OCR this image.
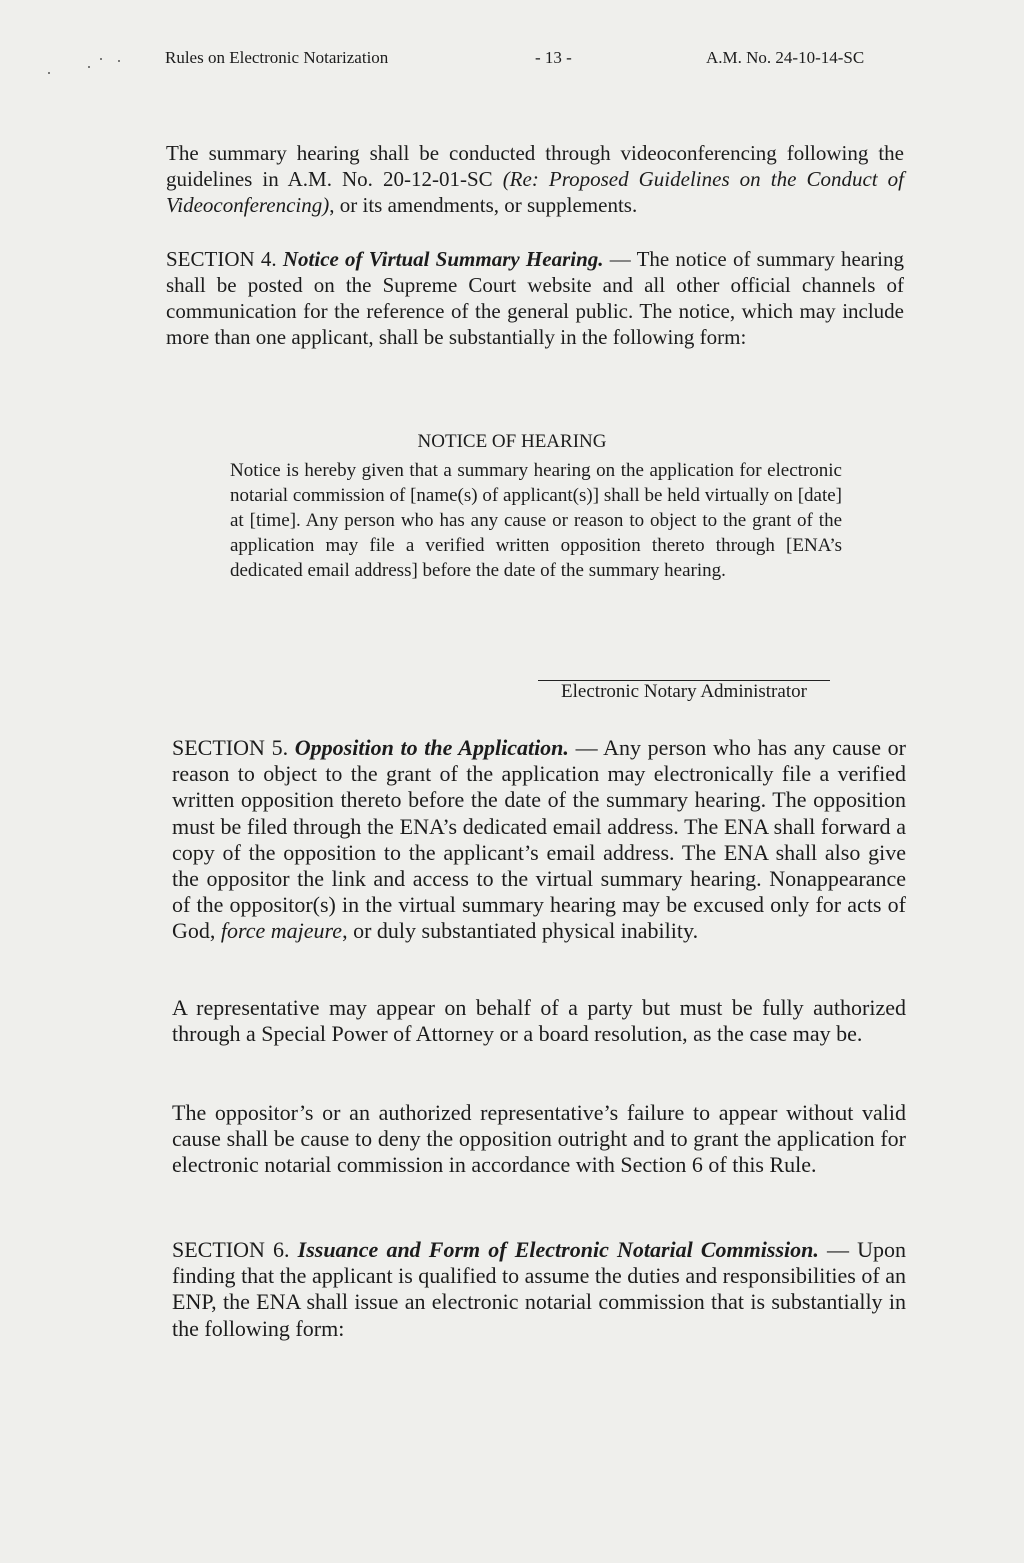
Rules on Electronic Notarization	- 13 -	A.M. No. 24-10-14-SC
The summary hearing shall be conducted through videoconferencing following the guidelines in A.M. No. 20-12-01-SC (Re: Proposed Guidelines on the Conduct of Videoconferencing), or its amendments, or supplements.
SECTION 4. Notice of Virtual Summary Hearing. — The notice of summary hearing shall be posted on the Supreme Court website and all other official channels of communication for the reference of the general public. The notice, which may include more than one applicant, shall be substantially in the following form:
NOTICE OF HEARING
Notice is hereby given that a summary hearing on the application for electronic notarial commission of [name(s) of applicant(s)] shall be held virtually on [date] at [time]. Any person who has any cause or reason to object to the grant of the application may file a verified written opposition thereto through [ENA’s dedicated email address] before the date of the summary hearing.
Electronic Notary Administrator
SECTION 5. Opposition to the Application. — Any person who has any cause or reason to object to the grant of the application may electronically file a verified written opposition thereto before the date of the summary hearing. The opposition must be filed through the ENA’s dedicated email address. The ENA shall forward a copy of the opposition to the applicant’s email address. The ENA shall also give the oppositor the link and access to the virtual summary hearing. Nonappearance of the oppositor(s) in the virtual summary hearing may be excused only for acts of God, force majeure, or duly substantiated physical inability.
A representative may appear on behalf of a party but must be fully authorized through a Special Power of Attorney or a board resolution, as the case may be.
The oppositor’s or an authorized representative’s failure to appear without valid cause shall be cause to deny the opposition outright and to grant the application for electronic notarial commission in accordance with Section 6 of this Rule.
SECTION 6. Issuance and Form of Electronic Notarial Commission. — Upon finding that the applicant is qualified to assume the duties and responsibilities of an ENP, the ENA shall issue an electronic notarial commission that is substantially in the following form:
